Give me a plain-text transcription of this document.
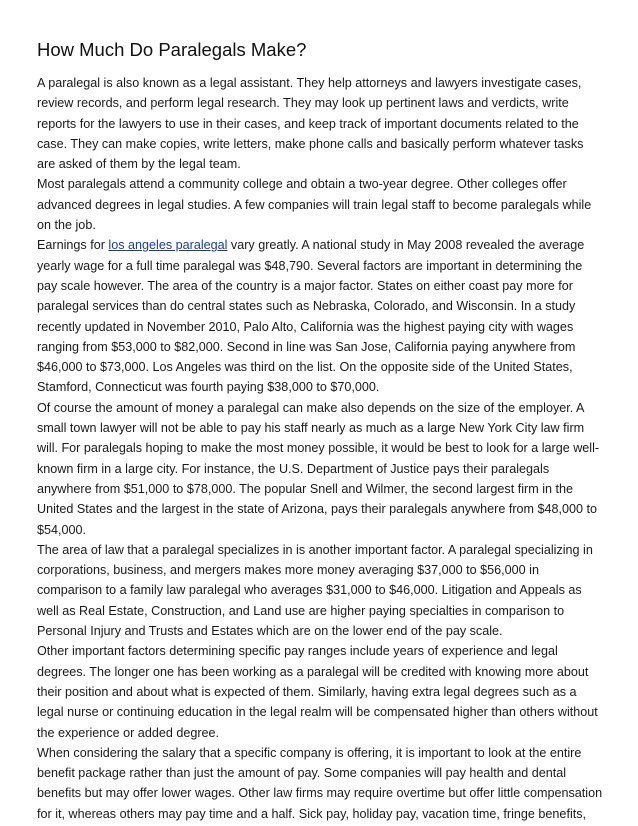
How Much Do Paralegals Make?

A paralegal is also known as a legal assistant. They help attorneys and lawyers investigate cases, review records, and perform legal research. They may look up pertinent laws and verdicts, write reports for the lawyers to use in their cases, and keep track of important documents related to the case. They can make copies, write letters, make phone calls and basically perform whatever tasks are asked of them by the legal team.

Most paralegals attend a community college and obtain a two-year degree. Other colleges offer advanced degrees in legal studies. A few companies will train legal staff to become paralegals while on the job.

Earnings for los angeles paralegal vary greatly. A national study in May 2008 revealed the average yearly wage for a full time paralegal was $48,790. Several factors are important in determining the pay scale however. The area of the country is a major factor. States on either coast pay more for paralegal services than do central states such as Nebraska, Colorado, and Wisconsin. In a study recently updated in November 2010, Palo Alto, California was the highest paying city with wages ranging from $53,000 to $82,000. Second in line was San Jose, California paying anywhere from $46,000 to $73,000. Los Angeles was third on the list. On the opposite side of the United States, Stamford, Connecticut was fourth paying $38,000 to $70,000.

Of course the amount of money a paralegal can make also depends on the size of the employer. A small town lawyer will not be able to pay his staff nearly as much as a large New York City law firm will. For paralegals hoping to make the most money possible, it would be best to look for a large well-known firm in a large city. For instance, the U.S. Department of Justice pays their paralegals anywhere from $51,000 to $78,000. The popular Snell and Wilmer, the second largest firm in the United States and the largest in the state of Arizona, pays their paralegals anywhere from $48,000 to $54,000.

The area of law that a paralegal specializes in is another important factor. A paralegal specializing in corporations, business, and mergers makes more money averaging $37,000 to $56,000 in comparison to a family law paralegal who averages $31,000 to $46,000. Litigation and Appeals as well as Real Estate, Construction, and Land use are higher paying specialties in comparison to Personal Injury and Trusts and Estates which are on the lower end of the pay scale.

Other important factors determining specific pay ranges include years of experience and legal degrees. The longer one has been working as a paralegal will be credited with knowing more about their position and about what is expected of them. Similarly, having extra legal degrees such as a legal nurse or continuing education in the legal realm will be compensated higher than others without the experience or added degree.

When considering the salary that a specific company is offering, it is important to look at the entire benefit package rather than just the amount of pay. Some companies will pay health and dental benefits but may offer lower wages. Other law firms may require overtime but offer little compensation for it, whereas others may pay time and a half. Sick pay, holiday pay, vacation time, fringe benefits,
